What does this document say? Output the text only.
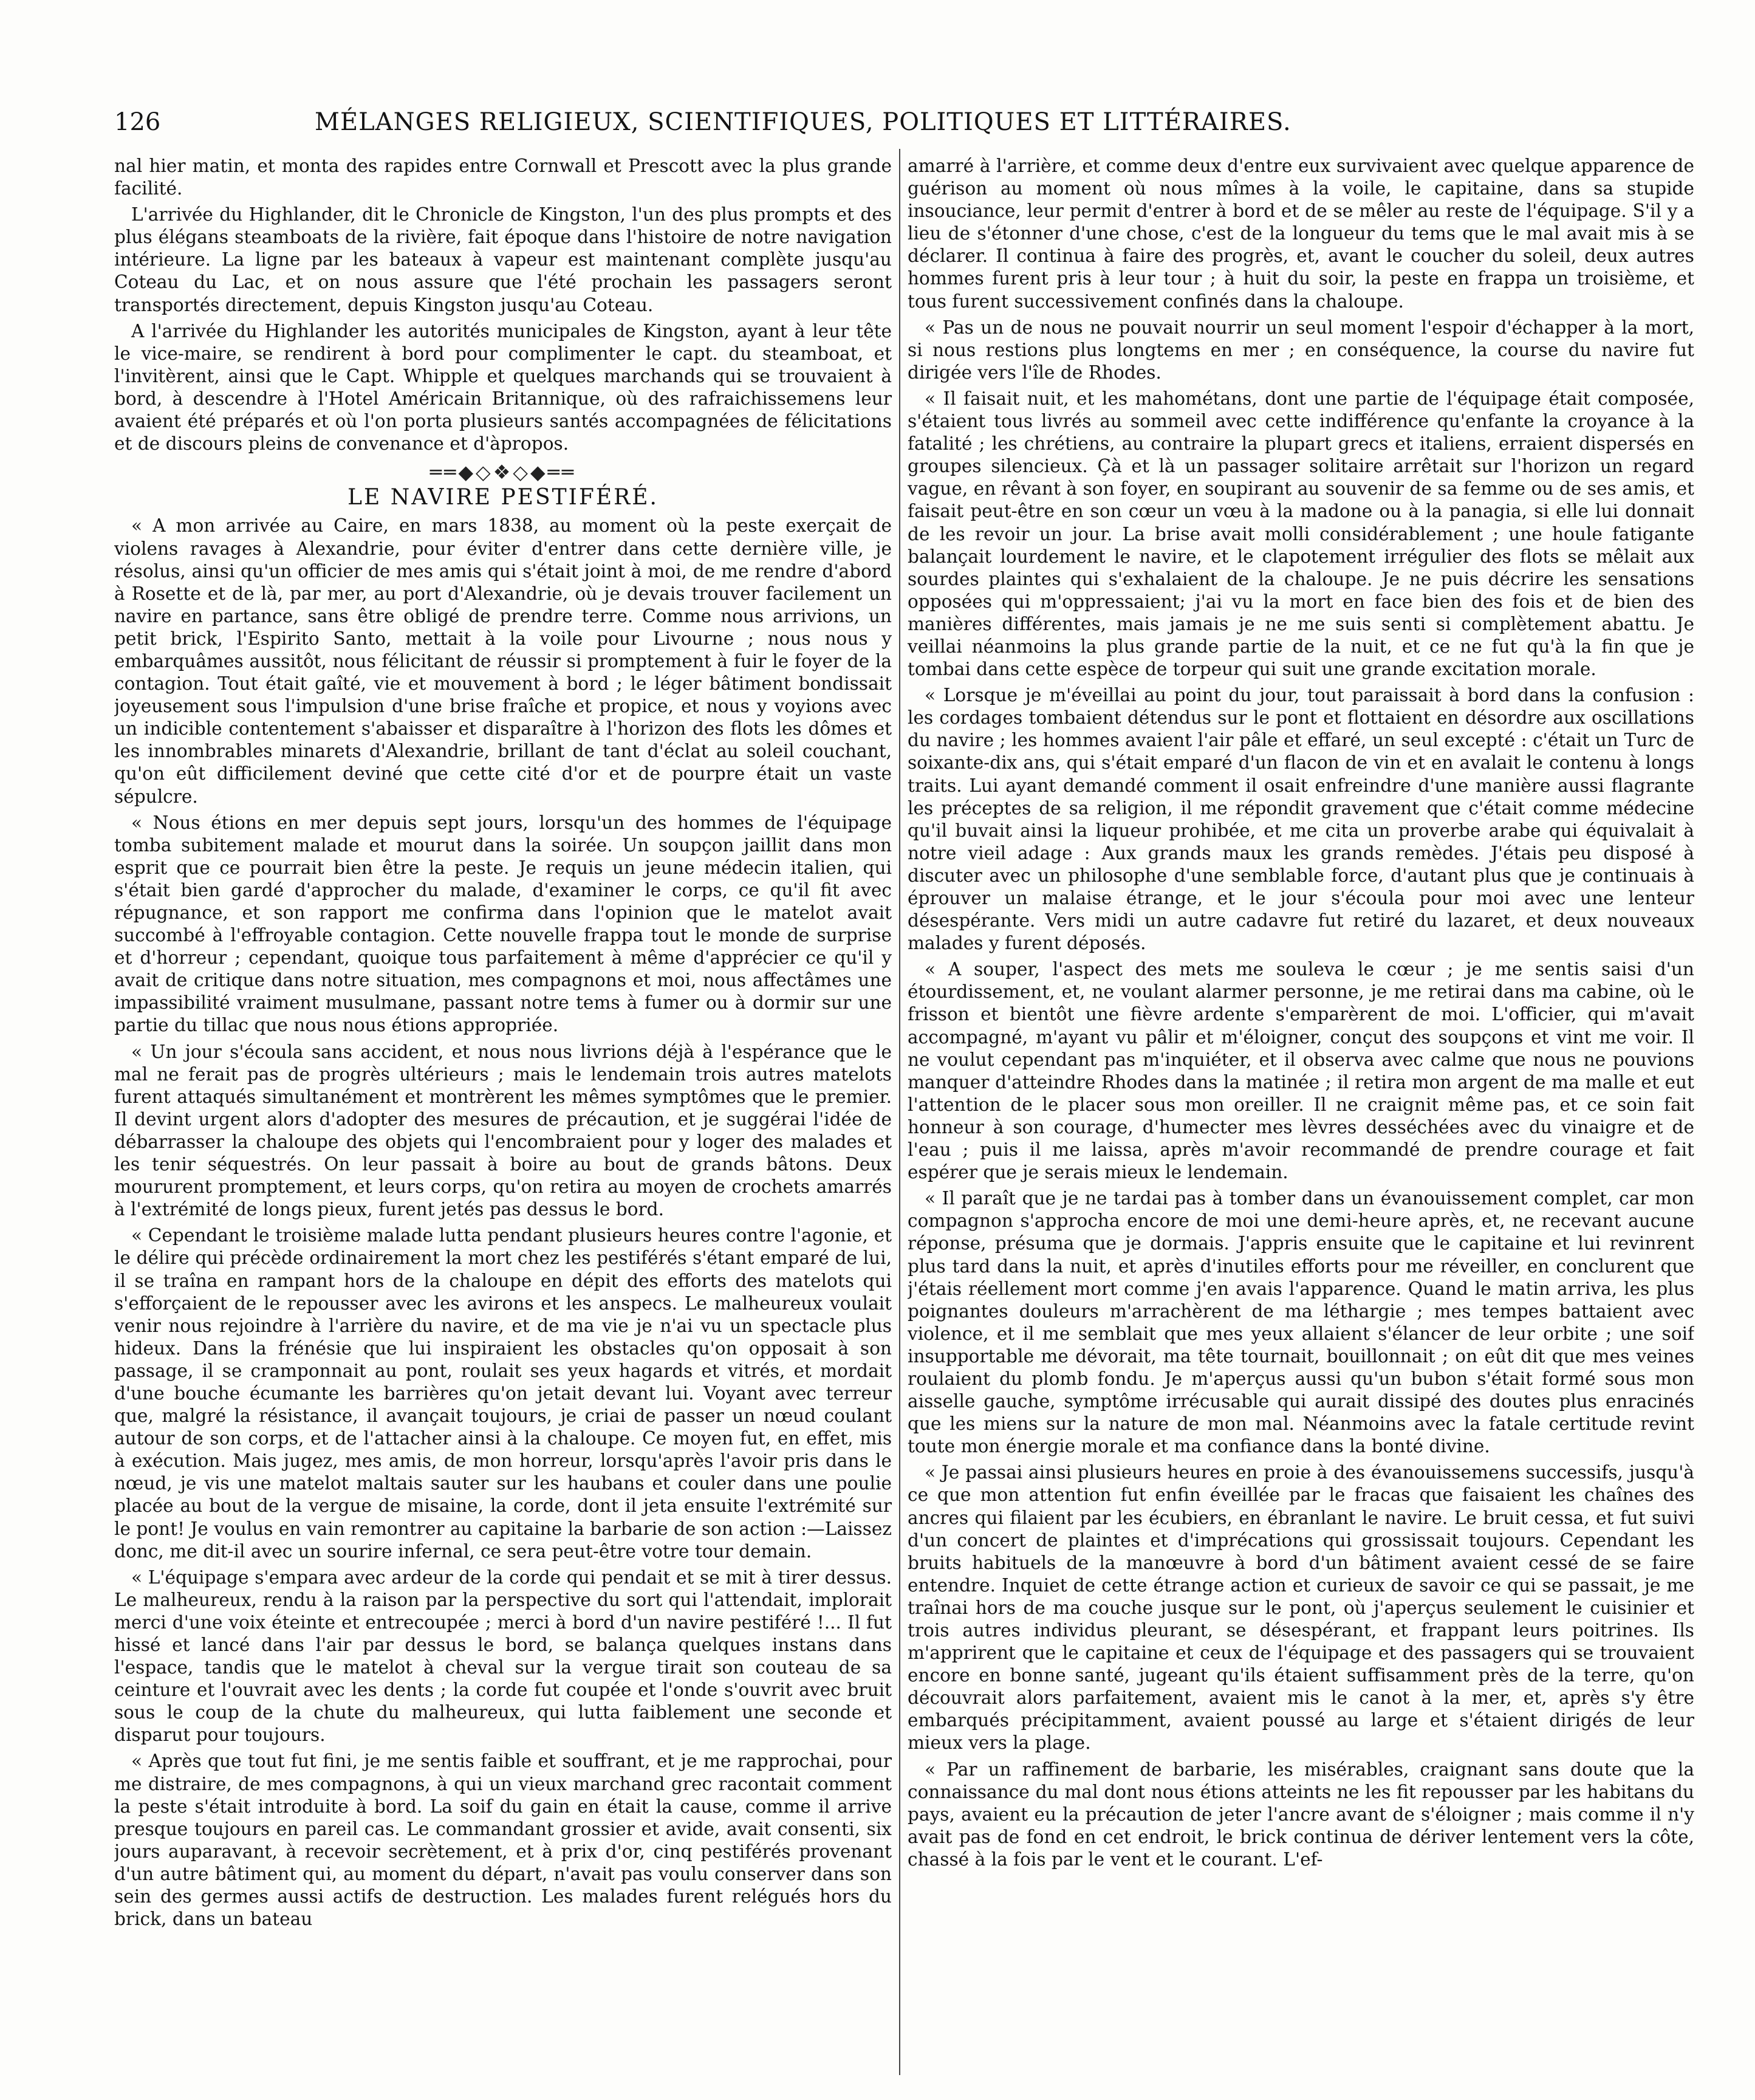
126	MÉLANGES RELIGIEUX, SCIENTIFIQUES, POLITIQUES ET LITTÉRAIRES.

nal hier matin, et monta des rapides entre Cornwall et Prescott avec la plus grande facilité.

L'arrivée du Highlander, dit le Chronicle de Kingston, l'un des plus prompts et des plus élégans steamboats de la rivière, fait époque dans l'histoire de notre navigation intérieure. La ligne par les bateaux à vapeur est maintenant complète jusqu'au Coteau du Lac, et on nous assure que l'été prochain les passagers seront transportés directement, depuis Kingston jusqu'au Coteau.

A l'arrivée du Highlander les autorités municipales de Kingston, ayant à leur tête le vice-maire, se rendirent à bord pour complimenter le capt. du steamboat, et l'invitèrent, ainsi que le Capt. Whipple et quelques marchands qui se trouvaient à bord, à descendre à l'Hotel Américain Britannique, où des rafraichissemens leur avaient été préparés et où l'on porta plusieurs santés accompagnées de félicitations et de discours pleins de convenance et d'àpropos.

══◆◇❖◇◆══
LE NAVIRE PESTIFÉRÉ.

« A mon arrivée au Caire, en mars 1838, au moment où la peste exerçait de violens ravages à Alexandrie, pour éviter d'entrer dans cette dernière ville, je résolus, ainsi qu'un officier de mes amis qui s'était joint à moi, de me rendre d'abord à Rosette et de là, par mer, au port d'Alexandrie, où je devais trouver facilement un navire en partance, sans être obligé de prendre terre. Comme nous arrivions, un petit brick, l'Espirito Santo, mettait à la voile pour Livourne ; nous nous y embarquâmes aussitôt, nous félicitant de réussir si promptement à fuir le foyer de la contagion. Tout était gaîté, vie et mouvement à bord ; le léger bâtiment bondissait joyeusement sous l'impulsion d'une brise fraîche et propice, et nous y voyions avec un indicible contentement s'abaisser et disparaître à l'horizon des flots les dômes et les innombrables minarets d'Alexandrie, brillant de tant d'éclat au soleil couchant, qu'on eût difficilement deviné que cette cité d'or et de pourpre était un vaste sépulcre.

« Nous étions en mer depuis sept jours, lorsqu'un des hommes de l'équipage tomba subitement malade et mourut dans la soirée. Un soupçon jaillit dans mon esprit que ce pourrait bien être la peste. Je requis un jeune médecin italien, qui s'était bien gardé d'approcher du malade, d'examiner le corps, ce qu'il fit avec répugnance, et son rapport me confirma dans l'opinion que le matelot avait succombé à l'effroyable contagion. Cette nouvelle frappa tout le monde de surprise et d'horreur ; cependant, quoique tous parfaitement à même d'apprécier ce qu'il y avait de critique dans notre situation, mes compagnons et moi, nous affectâmes une impassibilité vraiment musulmane, passant notre tems à fumer ou à dormir sur une partie du tillac que nous nous étions appropriée.

« Un jour s'écoula sans accident, et nous nous livrions déjà à l'espérance que le mal ne ferait pas de progrès ultérieurs ; mais le lendemain trois autres matelots furent attaqués simultanément et montrèrent les mêmes symptômes que le premier. Il devint urgent alors d'adopter des mesures de précaution, et je suggérai l'idée de débarrasser la chaloupe des objets qui l'encombraient pour y loger des malades et les tenir séquestrés. On leur passait à boire au bout de grands bâtons. Deux moururent promptement, et leurs corps, qu'on retira au moyen de crochets amarrés à l'extrémité de longs pieux, furent jetés pas dessus le bord.

« Cependant le troisième malade lutta pendant plusieurs heures contre l'agonie, et le délire qui précède ordinairement la mort chez les pestiférés s'étant emparé de lui, il se traîna en rampant hors de la chaloupe en dépit des efforts des matelots qui s'efforçaient de le repousser avec les avirons et les anspecs. Le malheureux voulait venir nous rejoindre à l'arrière du navire, et de ma vie je n'ai vu un spectacle plus hideux. Dans la frénésie que lui inspiraient les obstacles qu'on opposait à son passage, il se cramponnait au pont, roulait ses yeux hagards et vitrés, et mordait d'une bouche écumante les barrières qu'on jetait devant lui. Voyant avec terreur que, malgré la résistance, il avançait toujours, je criai de passer un nœud coulant autour de son corps, et de l'attacher ainsi à la chaloupe. Ce moyen fut, en effet, mis à exécution. Mais jugez, mes amis, de mon horreur, lorsqu'après l'avoir pris dans le nœud, je vis une matelot maltais sauter sur les haubans et couler dans une poulie placée au bout de la vergue de misaine, la corde, dont il jeta ensuite l'extrémité sur le pont! Je voulus en vain remontrer au capitaine la barbarie de son action :—Laissez donc, me dit-il avec un sourire infernal, ce sera peut-être votre tour demain.

« L'équipage s'empara avec ardeur de la corde qui pendait et se mit à tirer dessus. Le malheureux, rendu à la raison par la perspective du sort qui l'attendait, implorait merci d'une voix éteinte et entrecoupée ; merci à bord d'un navire pestiféré !... Il fut hissé et lancé dans l'air par dessus le bord, se balança quelques instans dans l'espace, tandis que le matelot à cheval sur la vergue tirait son couteau de sa ceinture et l'ouvrait avec les dents ; la corde fut coupée et l'onde s'ouvrit avec bruit sous le coup de la chute du malheureux, qui lutta faiblement une seconde et disparut pour toujours.

« Après que tout fut fini, je me sentis faible et souffrant, et je me rapprochai, pour me distraire, de mes compagnons, à qui un vieux marchand grec racontait comment la peste s'était introduite à bord. La soif du gain en était la cause, comme il arrive presque toujours en pareil cas. Le commandant grossier et avide, avait consenti, six jours auparavant, à recevoir secrètement, et à prix d'or, cinq pestiférés provenant d'un autre bâtiment qui, au moment du départ, n'avait pas voulu conserver dans son sein des germes aussi actifs de destruction. Les malades furent relégués hors du brick, dans un bateau

amarré à l'arrière, et comme deux d'entre eux survivaient avec quelque apparence de guérison au moment où nous mîmes à la voile, le capitaine, dans sa stupide insouciance, leur permit d'entrer à bord et de se mêler au reste de l'équipage. S'il y a lieu de s'étonner d'une chose, c'est de la longueur du tems que le mal avait mis à se déclarer. Il continua à faire des progrès, et, avant le coucher du soleil, deux autres hommes furent pris à leur tour ; à huit du soir, la peste en frappa un troisième, et tous furent successivement confinés dans la chaloupe.

« Pas un de nous ne pouvait nourrir un seul moment l'espoir d'échapper à la mort, si nous restions plus longtems en mer ; en conséquence, la course du navire fut dirigée vers l'île de Rhodes.

« Il faisait nuit, et les mahométans, dont une partie de l'équipage était composée, s'étaient tous livrés au sommeil avec cette indifférence qu'enfante la croyance à la fatalité ; les chrétiens, au contraire la plupart grecs et italiens, erraient dispersés en groupes silencieux. Çà et là un passager solitaire arrêtait sur l'horizon un regard vague, en rêvant à son foyer, en soupirant au souvenir de sa femme ou de ses amis, et faisait peut-être en son cœur un vœu à la madone ou à la panagia, si elle lui donnait de les revoir un jour. La brise avait molli considérablement ; une houle fatigante balançait lourdement le navire, et le clapotement irrégulier des flots se mêlait aux sourdes plaintes qui s'exhalaient de la chaloupe. Je ne puis décrire les sensations opposées qui m'oppressaient; j'ai vu la mort en face bien des fois et de bien des manières différentes, mais jamais je ne me suis senti si complètement abattu. Je veillai néanmoins la plus grande partie de la nuit, et ce ne fut qu'à la fin que je tombai dans cette espèce de torpeur qui suit une grande excitation morale.

« Lorsque je m'éveillai au point du jour, tout paraissait à bord dans la confusion : les cordages tombaient détendus sur le pont et flottaient en désordre aux oscillations du navire ; les hommes avaient l'air pâle et effaré, un seul excepté : c'était un Turc de soixante-dix ans, qui s'était emparé d'un flacon de vin et en avalait le contenu à longs traits. Lui ayant demandé comment il osait enfreindre d'une manière aussi flagrante les préceptes de sa religion, il me répondit gravement que c'était comme médecine qu'il buvait ainsi la liqueur prohibée, et me cita un proverbe arabe qui équivalait à notre vieil adage : Aux grands maux les grands remèdes. J'étais peu disposé à discuter avec un philosophe d'une semblable force, d'autant plus que je continuais à éprouver un malaise étrange, et le jour s'écoula pour moi avec une lenteur désespérante. Vers midi un autre cadavre fut retiré du lazaret, et deux nouveaux malades y furent déposés.

« A souper, l'aspect des mets me souleva le cœur ; je me sentis saisi d'un étourdissement, et, ne voulant alarmer personne, je me retirai dans ma cabine, où le frisson et bientôt une fièvre ardente s'emparèrent de moi. L'officier, qui m'avait accompagné, m'ayant vu pâlir et m'éloigner, conçut des soupçons et vint me voir. Il ne voulut cependant pas m'inquiéter, et il observa avec calme que nous ne pouvions manquer d'atteindre Rhodes dans la matinée ; il retira mon argent de ma malle et eut l'attention de le placer sous mon oreiller. Il ne craignit même pas, et ce soin fait honneur à son courage, d'humecter mes lèvres desséchées avec du vinaigre et de l'eau ; puis il me laissa, après m'avoir recommandé de prendre courage et fait espérer que je serais mieux le lendemain.

« Il paraît que je ne tardai pas à tomber dans un évanouissement complet, car mon compagnon s'approcha encore de moi une demi-heure après, et, ne recevant aucune réponse, présuma que je dormais. J'appris ensuite que le capitaine et lui revinrent plus tard dans la nuit, et après d'inutiles efforts pour me réveiller, en conclurent que j'étais réellement mort comme j'en avais l'apparence. Quand le matin arriva, les plus poignantes douleurs m'arrachèrent de ma léthargie ; mes tempes battaient avec violence, et il me semblait que mes yeux allaient s'élancer de leur orbite ; une soif insupportable me dévorait, ma tête tournait, bouillonnait ; on eût dit que mes veines roulaient du plomb fondu. Je m'aperçus aussi qu'un bubon s'était formé sous mon aisselle gauche, symptôme irrécusable qui aurait dissipé des doutes plus enracinés que les miens sur la nature de mon mal. Néanmoins avec la fatale certitude revint toute mon énergie morale et ma confiance dans la bonté divine.

« Je passai ainsi plusieurs heures en proie à des évanouissemens successifs, jusqu'à ce que mon attention fut enfin éveillée par le fracas que faisaient les chaînes des ancres qui filaient par les écubiers, en ébranlant le navire. Le bruit cessa, et fut suivi d'un concert de plaintes et d'imprécations qui grossissait toujours. Cependant les bruits habituels de la manœuvre à bord d'un bâtiment avaient cessé de se faire entendre. Inquiet de cette étrange action et curieux de savoir ce qui se passait, je me traînai hors de ma couche jusque sur le pont, où j'aperçus seulement le cuisinier et trois autres individus pleurant, se désespérant, et frappant leurs poitrines. Ils m'apprirent que le capitaine et ceux de l'équipage et des passagers qui se trouvaient encore en bonne santé, jugeant qu'ils étaient suffisamment près de la terre, qu'on découvrait alors parfaitement, avaient mis le canot à la mer, et, après s'y être embarqués précipitamment, avaient poussé au large et s'étaient dirigés de leur mieux vers la plage.

« Par un raffinement de barbarie, les misérables, craignant sans doute que la connaissance du mal dont nous étions atteints ne les fit repousser par les habitans du pays, avaient eu la précaution de jeter l'ancre avant de s'éloigner ; mais comme il n'y avait pas de fond en cet endroit, le brick continua de dériver lentement vers la côte, chassé à la fois par le vent et le courant. L'ef-
